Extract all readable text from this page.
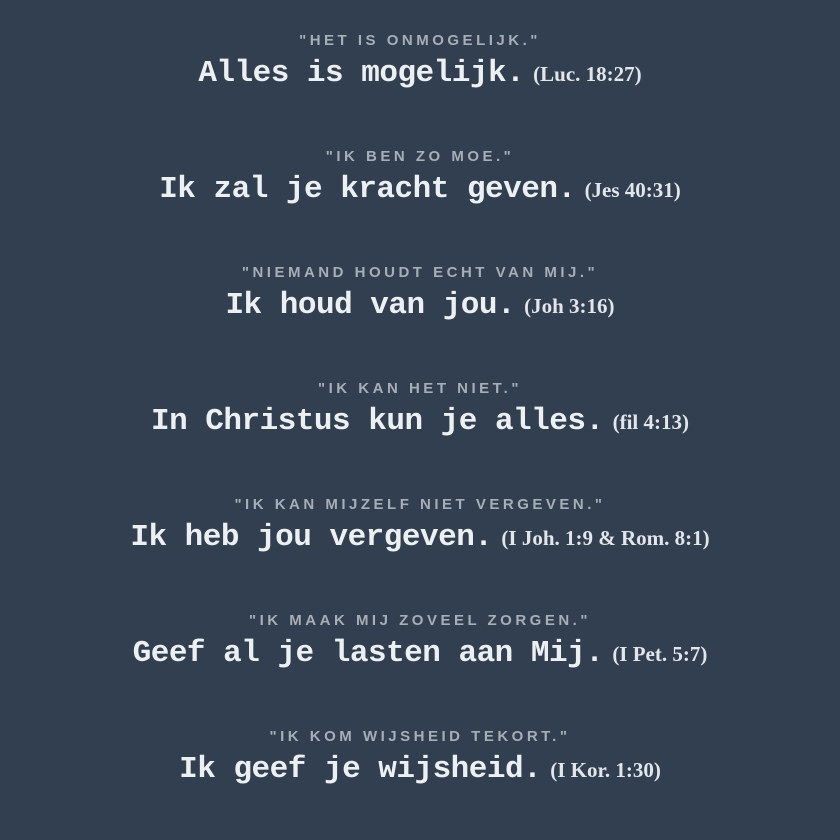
"HET IS ONMOGELIJK."
Alles is mogelijk. (Luc. 18:27)
"IK BEN ZO MOE."
Ik zal je kracht geven. (Jes 40:31)
"NIEMAND HOUDT ECHT VAN MIJ."
Ik houd van jou. (Joh 3:16)
"IK KAN HET NIET."
In Christus kun je alles. (fil 4:13)
"IK KAN MIJZELF NIET VERGEVEN."
Ik heb jou vergeven. (I Joh. 1:9 & Rom. 8:1)
"IK MAAK MIJ ZOVEEL ZORGEN."
Geef al je lasten aan Mij. (I Pet. 5:7)
"IK KOM WIJSHEID TEKORT."
Ik geef je wijsheid. (I Kor. 1:30)
